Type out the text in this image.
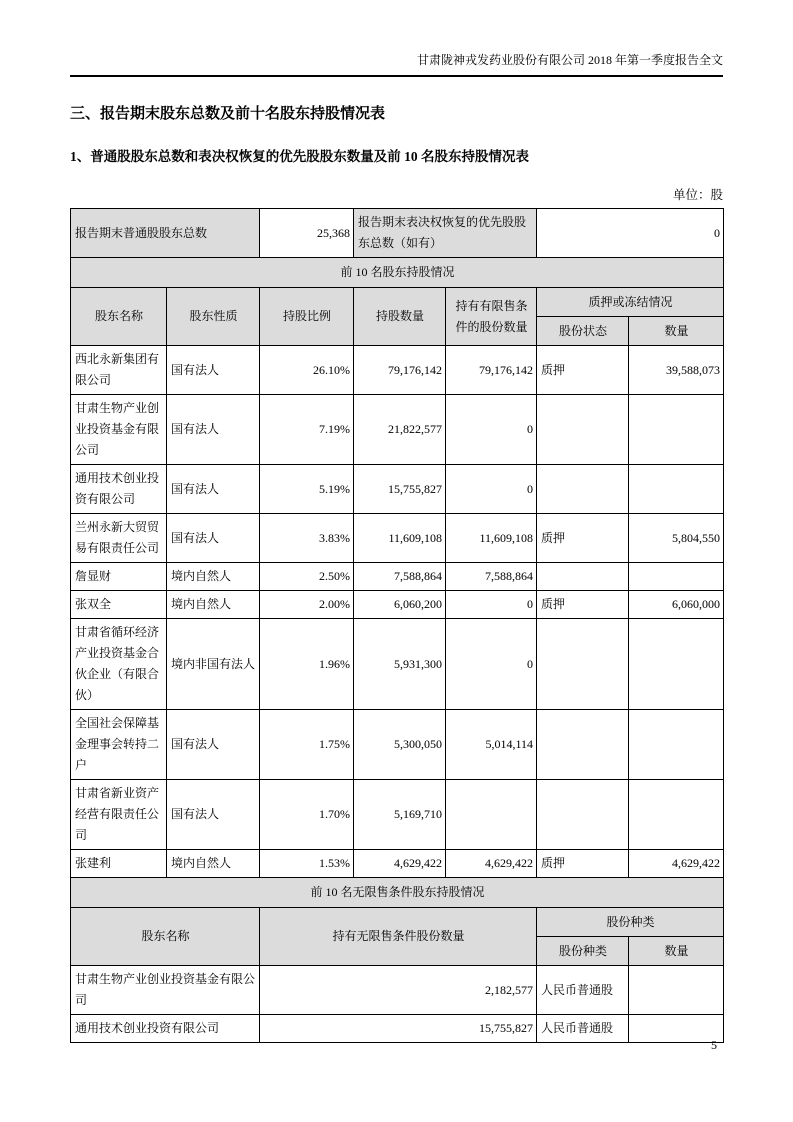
甘肃陇神戎发药业股份有限公司 2018 年第一季度报告全文
三、报告期末股东总数及前十名股东持股情况表
1、普通股股东总数和表决权恢复的优先股股东数量及前 10 名股东持股情况表
单位：股
报告期末普通股股东总数		25,368	报告期末表决权恢复的优先股股东总数（如有）		0	
前 10 名股东持股情况						
股东名称	股东性质	持股比例	持股数量	持有有限售条件的股份数量	质押或冻结情况	
					股份状态	数量
西北永新集团有限公司	国有法人	26.10%	79,176,142	79,176,142	质押	39,588,073
甘肃生物产业创业投资基金有限公司	国有法人	7.19%	21,822,577	0		
通用技术创业投资有限公司	国有法人	5.19%	15,755,827	0		
兰州永新大贸贸易有限责任公司	国有法人	3.83%	11,609,108	11,609,108	质押	5,804,550
詹显财	境内自然人	2.50%	7,588,864	7,588,864		
张双全	境内自然人	2.00%	6,060,200	0	质押	6,060,000
甘肃省循环经济产业投资基金合伙企业（有限合伙）	境内非国有法人	1.96%	5,931,300	0		
全国社会保障基金理事会转持二户	国有法人	1.75%	5,300,050	5,014,114		
甘肃省新业资产经营有限责任公司	国有法人	1.70%	5,169,710			
张建利	境内自然人	1.53%	4,629,422	4,629,422	质押	4,629,422
前 10 名无限售条件股东持股情况						
股东名称		持有无限售条件股份数量			股份种类	
					股份种类	数量
甘肃生物产业创业投资基金有限公司		2,182,577			人民币普通股	
通用技术创业投资有限公司		15,755,827			人民币普通股	
5
